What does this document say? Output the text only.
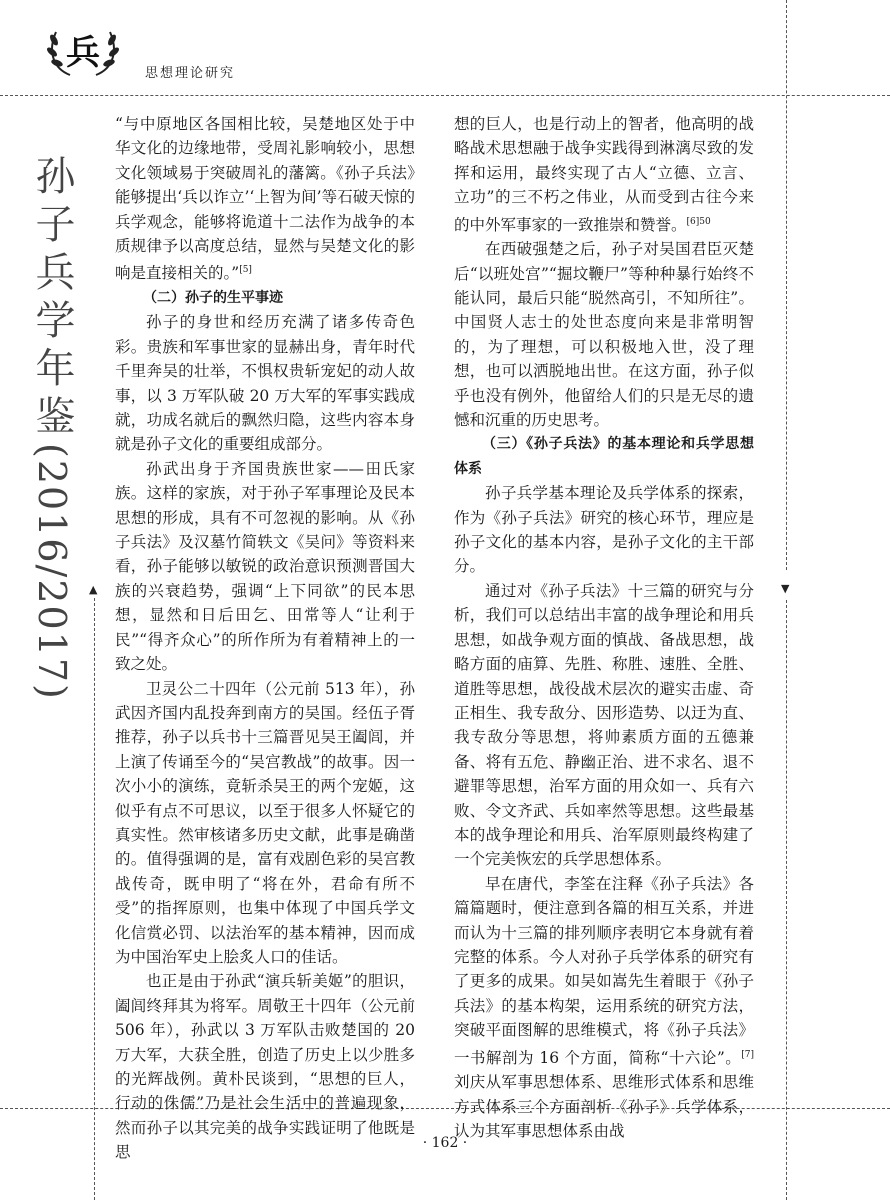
兵
思想理论研究
▲	▼
孙子兵学年鉴(2016/2017)

“与中原地区各国相比较，吴楚地区处于中华文化的边缘地带，受周礼影响较小，思想文化领域易于突破周礼的藩篱。《孙子兵法》能够提出‘兵以诈立’‘上智为间’等石破天惊的兵学观念，能够将诡道十二法作为战争的本质规律予以高度总结，显然与吴楚文化的影响是直接相关的。”[5]

（二）孙子的生平事迹

孙子的身世和经历充满了诸多传奇色彩。贵族和军事世家的显赫出身，青年时代千里奔吴的壮举，不惧权贵斩宠妃的动人故事，以 3 万军队破 20 万大军的军事实践成就，功成名就后的飘然归隐，这些内容本身就是孙子文化的重要组成部分。

孙武出身于齐国贵族世家——田氏家族。这样的家族，对于孙子军事理论及民本思想的形成，具有不可忽视的影响。从《孙子兵法》及汉墓竹简轶文《吴问》等资料来看，孙子能够以敏锐的政治意识预测晋国大族的兴衰趋势，强调“上下同欲”的民本思想，显然和日后田乞、田常等人“让利于民”“得齐众心”的所作所为有着精神上的一致之处。

卫灵公二十四年（公元前 513 年），孙武因齐国内乱投奔到南方的吴国。经伍子胥推荐，孙子以兵书十三篇晋见吴王阖闾，并上演了传诵至今的“吴宫教战”的故事。因一次小小的演练，竟斩杀吴王的两个宠姬，这似乎有点不可思议，以至于很多人怀疑它的真实性。然审核诸多历史文献，此事是确凿的。值得强调的是，富有戏剧色彩的吴宫教战传奇，既申明了“将在外，君命有所不受”的指挥原则，也集中体现了中国兵学文化信赏必罚、以法治军的基本精神，因而成为中国治军史上脍炙人口的佳话。

也正是由于孙武“演兵斩美姬”的胆识，阖闾终拜其为将军。周敬王十四年（公元前 506 年），孙武以 3 万军队击败楚国的 20 万大军，大获全胜，创造了历史上以少胜多的光辉战例。黄朴民谈到，“思想的巨人，行动的侏儒”乃是社会生活中的普遍现象，然而孙子以其完美的战争实践证明了他既是思

想的巨人，也是行动上的智者，他高明的战略战术思想融于战争实践得到淋漓尽致的发挥和运用，最终实现了古人“立德、立言、立功”的三不朽之伟业，从而受到古往今来的中外军事家的一致推崇和赞誉。$^{[6]50}$

在西破强楚之后，孙子对吴国君臣灭楚后“以班处宫”“掘坟鞭尸”等种种暴行始终不能认同，最后只能“脱然高引，不知所往”。中国贤人志士的处世态度向来是非常明智的，为了理想，可以积极地入世，没了理想，也可以洒脱地出世。在这方面，孙子似乎也没有例外，他留给人们的只是无尽的遗憾和沉重的历史思考。

（三）《孙子兵法》的基本理论和兵学思想体系

孙子兵学基本理论及兵学体系的探索，作为《孙子兵法》研究的核心环节，理应是孙子文化的基本内容，是孙子文化的主干部分。

通过对《孙子兵法》十三篇的研究与分析，我们可以总结出丰富的战争理论和用兵思想，如战争观方面的慎战、备战思想，战略方面的庙算、先胜、称胜、速胜、全胜、道胜等思想，战役战术层次的避实击虚、奇正相生、我专敌分、因形造势、以迂为直、我专敌分等思想，将帅素质方面的五德兼备、将有五危、静幽正治、进不求名、退不避罪等思想，治军方面的用众如一、兵有六败、令文齐武、兵如率然等思想。这些最基本的战争理论和用兵、治军原则最终构建了一个完美恢宏的兵学思想体系。

早在唐代，李筌在注释《孙子兵法》各篇篇题时，便注意到各篇的相互关系，并进而认为十三篇的排列顺序表明它本身就有着完整的体系。今人对孙子兵学体系的研究有了更多的成果。如吴如嵩先生着眼于《孙子兵法》的基本构架，运用系统的研究方法，突破平面图解的思维模式，将《孙子兵法》一书解剖为 16 个方面，简称“十六论”。[7]刘庆从军事思想体系、思维形式体系和思维方式体系三个方面剖析《孙子》兵学体系，认为其军事思想体系由战

· 162 ·
